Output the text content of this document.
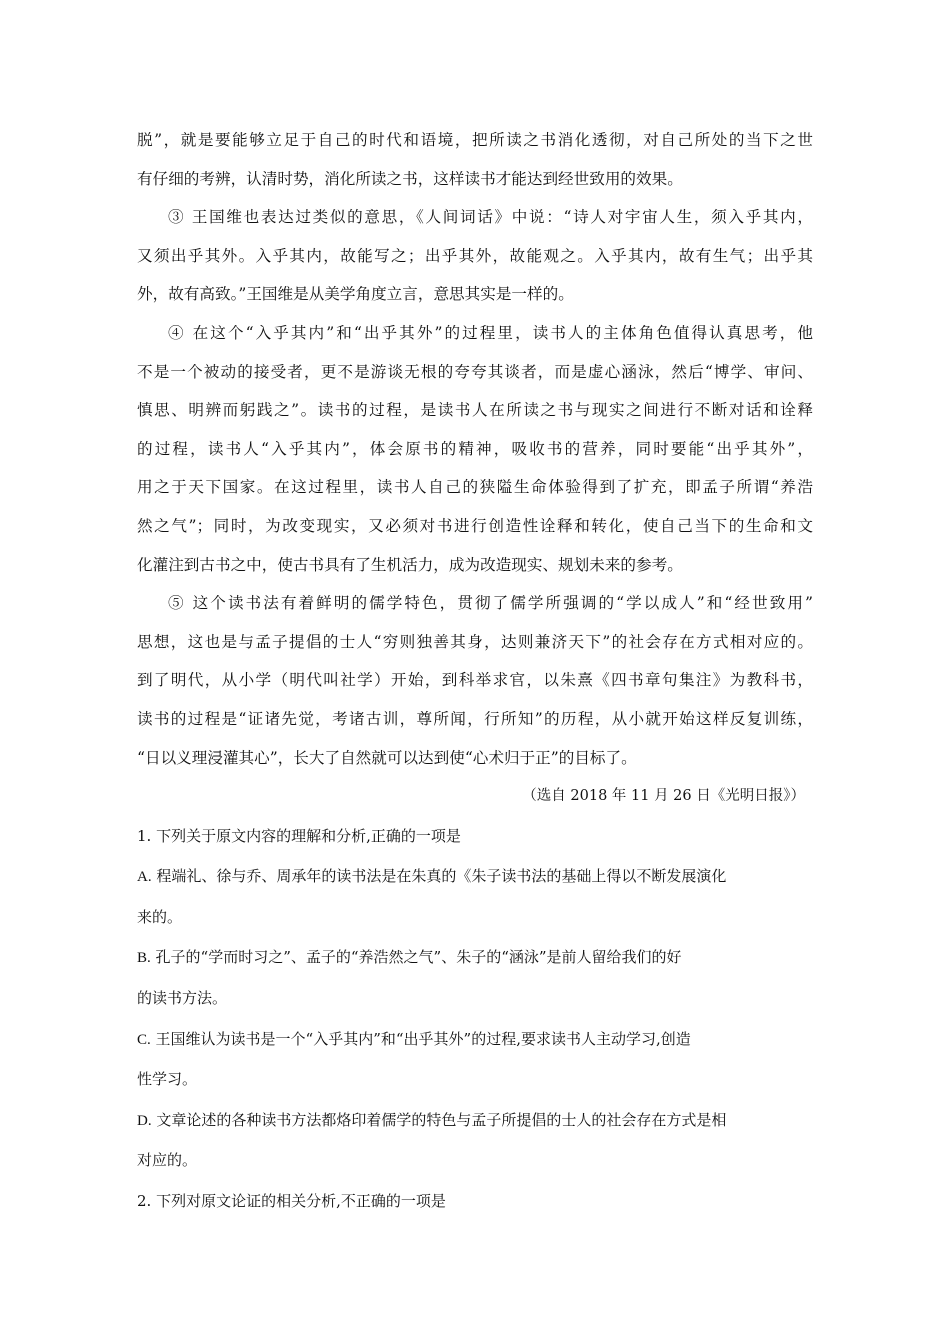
脱”，就是要能够立足于自己的时代和语境，把所读之书消化透彻，对自己所处的当下之世
有仔细的考辨，认清时势，消化所读之书，这样读书才能达到经世致用的效果。
③ 王国维也表达过类似的意思，《人间词话》中说：“诗人对宇宙人生，须入乎其内，
又须出乎其外。入乎其内，故能写之；出乎其外，故能观之。入乎其内，故有生气；出乎其
外，故有高致。”王国维是从美学角度立言，意思其实是一样的。
④ 在这个“入乎其内”和“出乎其外”的过程里，读书人的主体角色值得认真思考，他
不是一个被动的接受者，更不是游谈无根的夸夸其谈者，而是虚心涵泳，然后“博学、审问、
慎思、明辨而躬践之”。读书的过程，是读书人在所读之书与现实之间进行不断对话和诠释
的过程，读书人“入乎其内”，体会原书的精神，吸收书的营养，同时要能“出乎其外”，
用之于天下国家。在这过程里，读书人自己的狭隘生命体验得到了扩充，即孟子所谓“养浩
然之气”；同时，为改变现实，又必须对书进行创造性诠释和转化，使自己当下的生命和文
化灌注到古书之中，使古书具有了生机活力，成为改造现实、规划未来的参考。
⑤ 这个读书法有着鲜明的儒学特色，贯彻了儒学所强调的“学以成人”和“经世致用”
思想，这也是与孟子提倡的士人“穷则独善其身，达则兼济天下”的社会存在方式相对应的。
到了明代，从小学（明代叫社学）开始，到科举求官，以朱熹《四书章句集注》为教科书，
读书的过程是“证诸先觉，考诸古训，尊所闻，行所知”的历程，从小就开始这样反复训练，
“日以义理浸灌其心”，长大了自然就可以达到使“心术归于正”的目标了。
（选自 2018 年 11 月 26 日《光明日报》）
1. 下列关于原文内容的理解和分析,正确的一项是
A. 程端礼、徐与乔、周承年的读书法是在朱真的《朱子读书法的基础上得以不断发展演化
来的。
B. 孔子的“学而时习之”、孟子的“养浩然之气”、朱子的“涵泳”是前人留给我们的好
的读书方法。
C. 王国维认为读书是一个“入乎其内”和“出乎其外”的过程,要求读书人主动学习,创造
性学习。
D. 文章论述的各种读书方法都烙印着儒学的特色与孟子所提倡的士人的社会存在方式是相
对应的。
2. 下列对原文论证的相关分析,不正确的一项是
